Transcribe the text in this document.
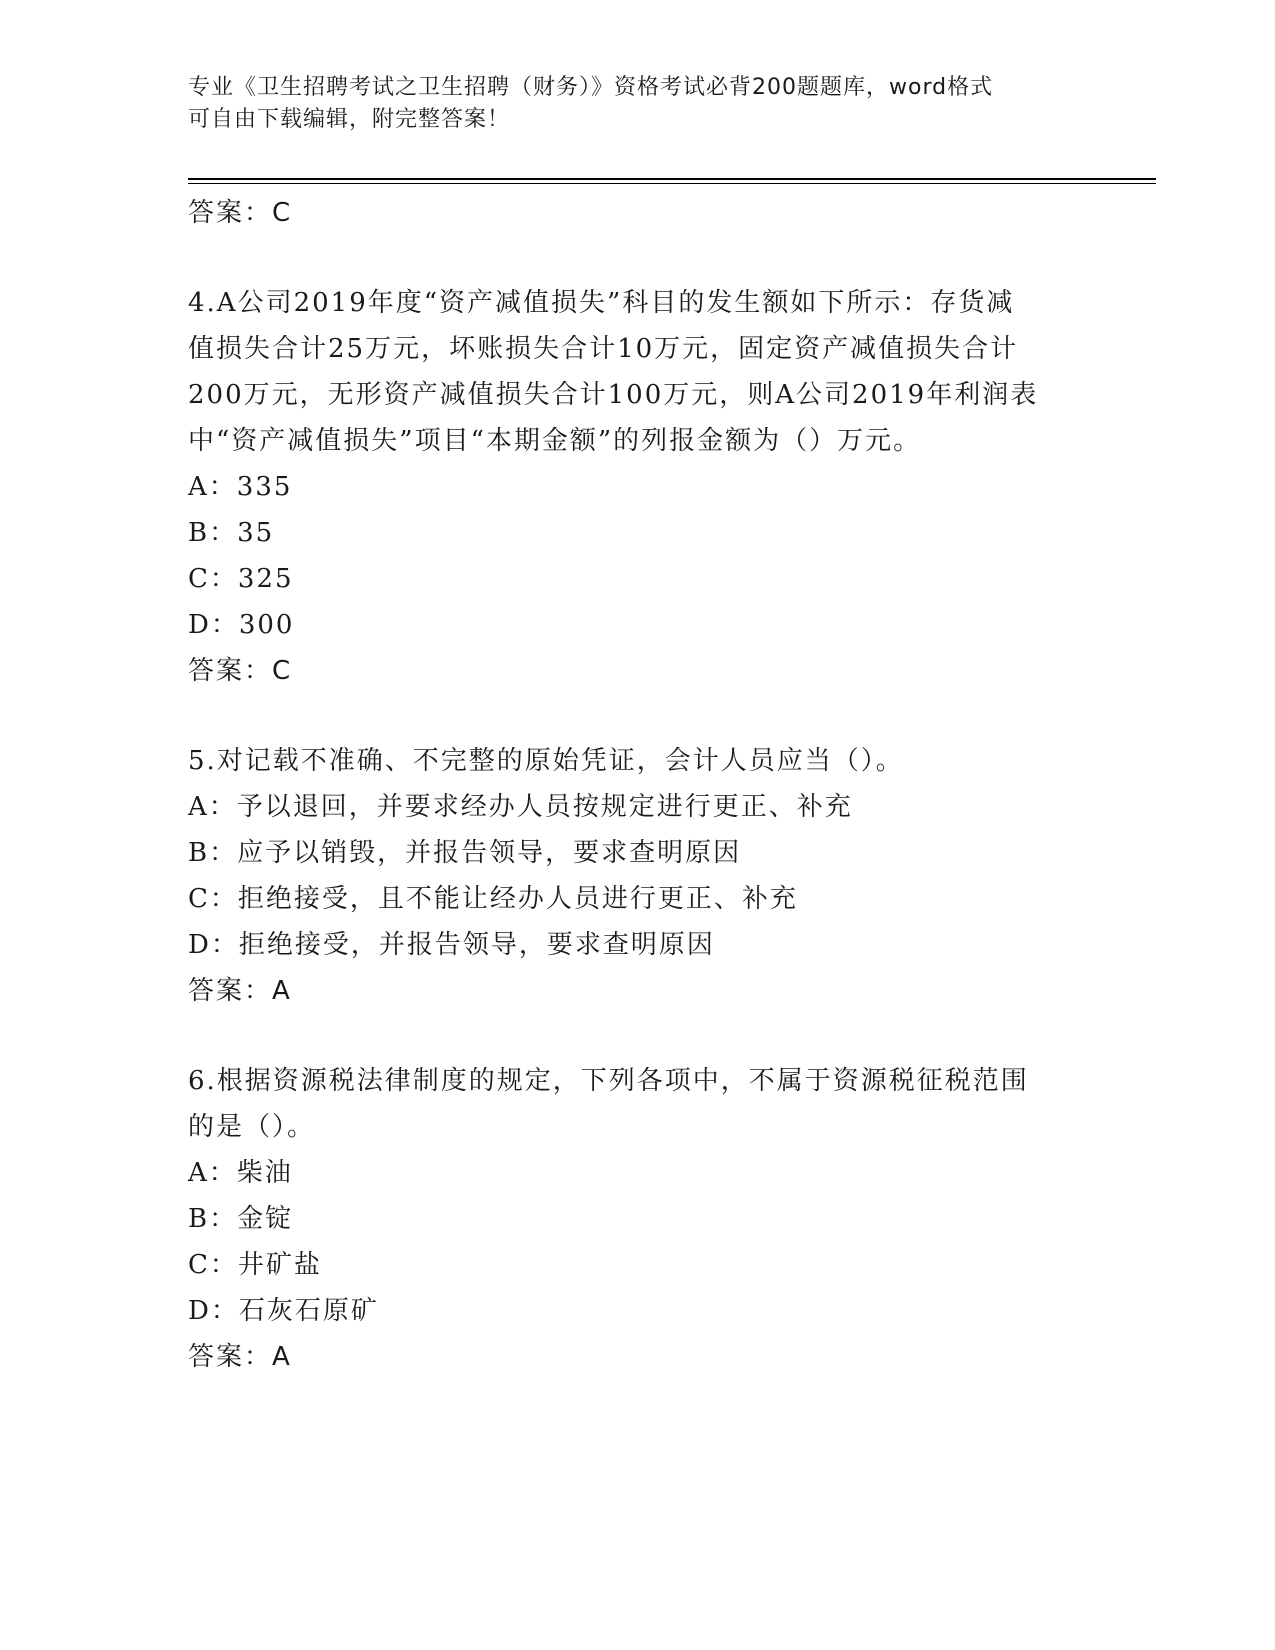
专业《卫生招聘考试之卫生招聘（财务）》资格考试必背200题题库，word格式

可自由下载编辑，附完整答案！

答案：C

4.A公司2019年度“资产减值损失”科目的发生额如下所示：存货减

值损失合计25万元，坏账损失合计10万元，固定资产减值损失合计

200万元，无形资产减值损失合计100万元，则A公司2019年利润表

中“资产减值损失”项目“本期金额”的列报金额为（）万元。

A：335

B：35

C：325

D：300

答案：C

5.对记载不准确、不完整的原始凭证，会计人员应当（）。

A：予以退回，并要求经办人员按规定进行更正、补充

B：应予以销毁，并报告领导，要求查明原因

C：拒绝接受，且不能让经办人员进行更正、补充

D：拒绝接受，并报告领导，要求查明原因

答案：A

6.根据资源税法律制度的规定，下列各项中，不属于资源税征税范围

的是（）。

A：柴油

B：金锭

C：井矿盐

D：石灰石原矿

答案：A
